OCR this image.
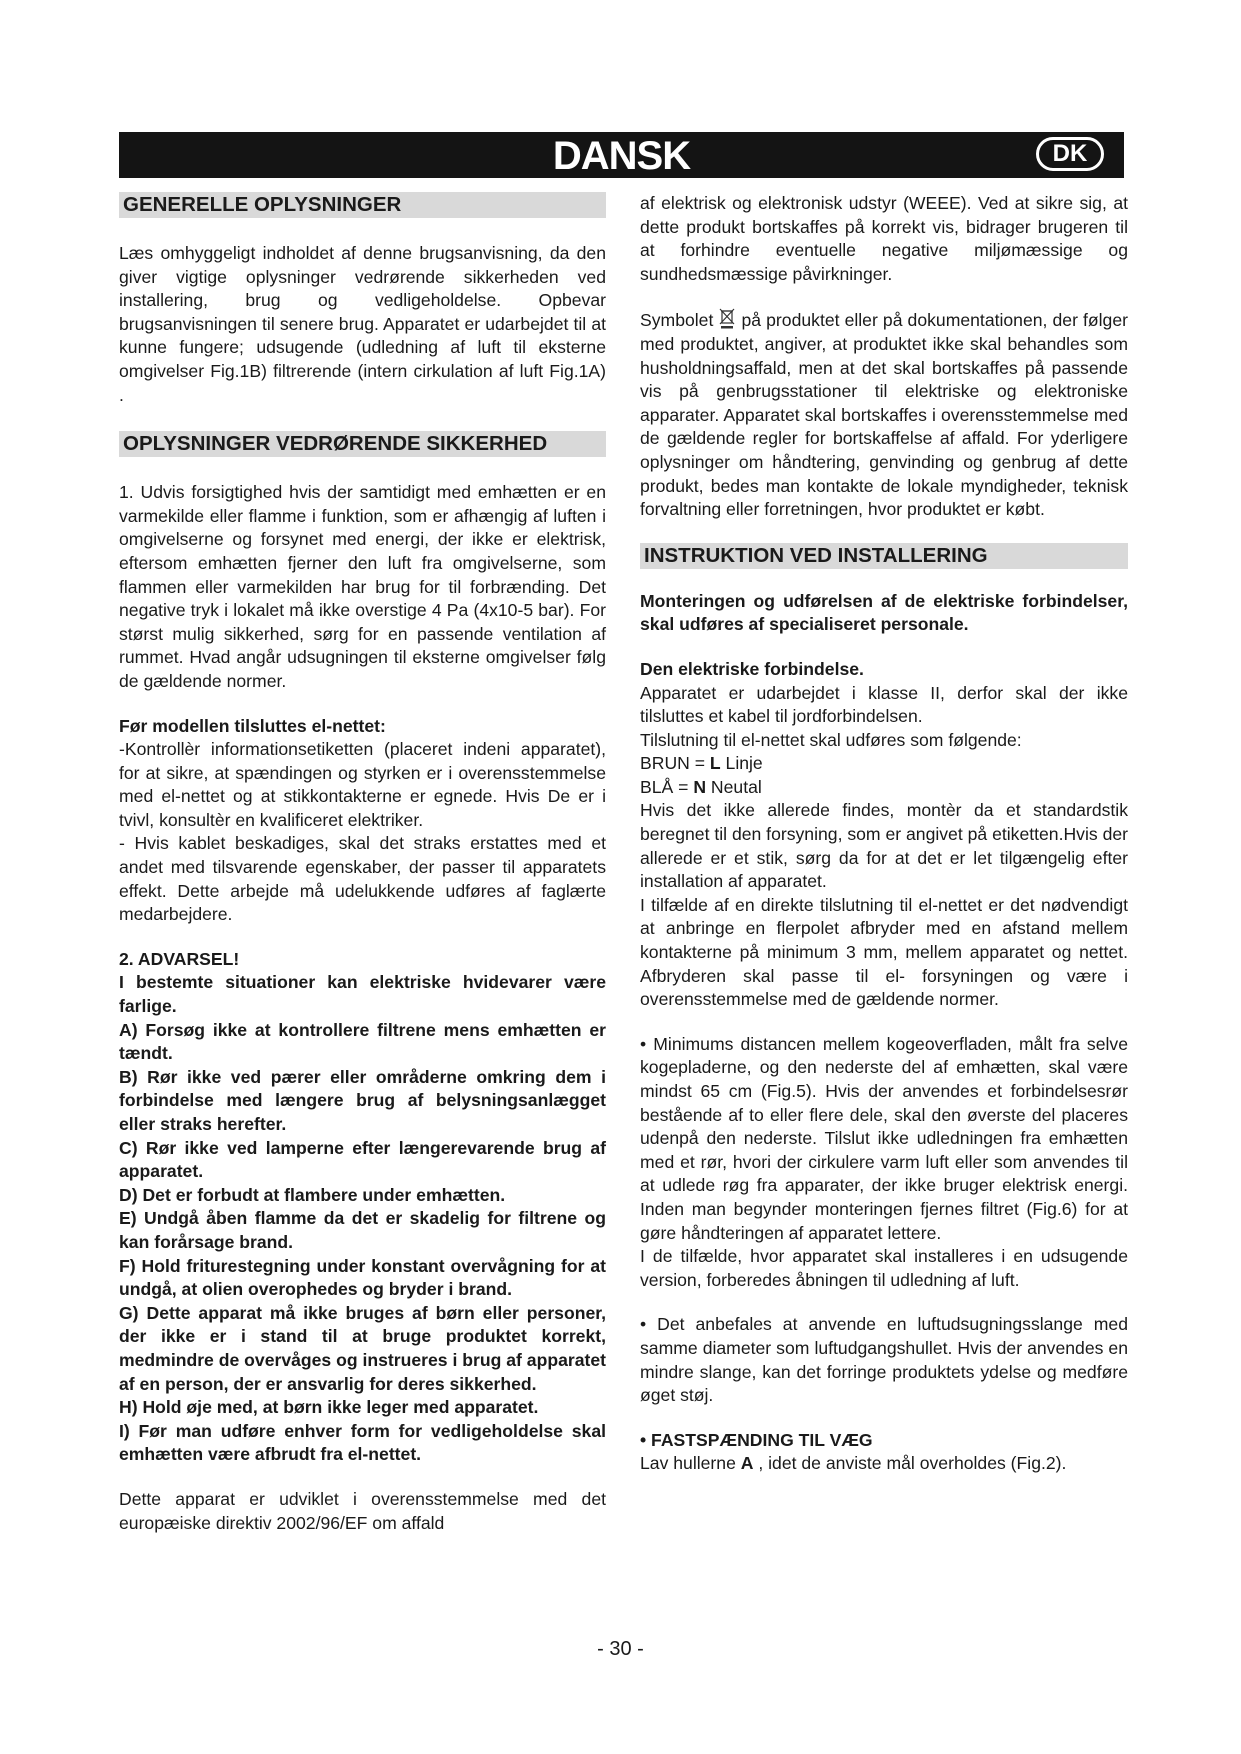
DANSK	DK
GENERELLE OPLYSNINGER

Læs omhyggeligt indholdet af denne brugsanvisning, da den giver vigtige oplysninger vedrørende sikkerheden ved installering, brug og vedligeholdelse. Opbevar brugsanvisningen til senere brug. Apparatet er udarbejdet til at kunne fungere; udsugende (udledning af luft til eksterne omgivelser Fig.1B) filtrerende (intern cirkulation af luft Fig.1A) .

OPLYSNINGER VEDRØRENDE SIKKERHED

1. Udvis forsigtighed hvis der samtidigt med emhætten er en varmekilde eller flamme i funktion, som er afhængig af luften i omgivelserne og forsynet med energi, der ikke er elektrisk, eftersom emhætten fjerner den luft fra omgivelserne, som flammen eller varmekilden har brug for til forbrænding. Det negative tryk i lokalet må ikke overstige 4 Pa (4x10-5 bar). For størst mulig sikkerhed, sørg for en passende ventilation af rummet. Hvad angår udsugningen til eksterne omgivelser følg de gældende normer.

Før modellen tilsluttes el-nettet:

-Kontrollèr informationsetiketten (placeret indeni apparatet), for at sikre, at spændingen og styrken er i overensstemmelse med el-nettet og at stikkontakterne er egnede. Hvis De er i tvivl, konsultèr en kvalificeret elektriker.

- Hvis kablet beskadiges, skal det straks erstattes med et andet med tilsvarende egenskaber, der passer til apparatets effekt. Dette arbejde må udelukkende udføres af faglærte medarbejdere.

2. ADVARSEL!

I bestemte situationer kan elektriske hvidevarer være farlige.

A) Forsøg ikke at kontrollere filtrene mens emhætten er tændt.

B) Rør ikke ved pærer eller områderne omkring dem i forbindelse med længere brug af belysningsanlægget eller straks herefter.

C) Rør ikke ved lamperne efter længerevarende brug af apparatet.

D) Det er forbudt at flambere under emhætten.

E) Undgå åben flamme da det er skadelig for filtrene og kan forårsage brand.

F) Hold friturestegning under konstant overvågning for at undgå, at olien overophedes og bryder i brand.

G) Dette apparat må ikke bruges af børn eller personer, der ikke er i stand til at bruge produktet korrekt, medmindre de overvåges og instrueres i brug af apparatet af en person, der er ansvarlig for deres sikkerhed.

H) Hold øje med, at børn ikke leger med apparatet.

I) Før man udføre enhver form for vedligeholdelse skal emhætten være afbrudt fra el-nettet.

Dette apparat er udviklet i overensstemmelse med det europæiske direktiv 2002/96/EF om affald

af elektrisk og elektronisk udstyr (WEEE). Ved at sikre sig, at dette produkt bortskaffes på korrekt vis, bidrager brugeren til at forhindre eventuelle negative miljømæssige og sundhedsmæssige påvirkninger.

Symbolet på produktet eller på dokumentationen, der følger med produktet, angiver, at produktet ikke skal behandles som husholdningsaffald, men at det skal bortskaffes på passende vis på genbrugsstationer til elektriske og elektroniske apparater. Apparatet skal bortskaffes i overensstemmelse med de gældende regler for bortskaffelse af affald. For yderligere oplysninger om håndtering, genvinding og genbrug af dette produkt, bedes man kontakte de lokale myndigheder, teknisk forvaltning eller forretningen, hvor produktet er købt.

INSTRUKTION VED INSTALLERING

Monteringen og udførelsen af de elektriske forbindelser, skal udføres af specialiseret personale.

Den elektriske forbindelse.

Apparatet er udarbejdet i klasse II, derfor skal der ikke tilsluttes et kabel til jordforbindelsen.

Tilslutning til el-nettet skal udføres som følgende:

BRUN = L Linje

BLÅ = N Neutal

Hvis det ikke allerede findes, montèr da et standardstik beregnet til den forsyning, som er angivet på etiketten.Hvis der allerede er et stik, sørg da for at det er let tilgængelig efter installation af apparatet.

I tilfælde af en direkte tilslutning til el-nettet er det nødvendigt at anbringe en flerpolet afbryder med en afstand mellem kontakterne på minimum 3 mm, mellem apparatet og nettet. Afbryderen skal passe til el- forsyningen og være i overensstemmelse med de gældende normer.

• Minimums distancen mellem kogeoverfladen, målt fra selve kogepladerne, og den nederste del af emhætten, skal være mindst 65 cm (Fig.5). Hvis der anvendes et forbindelsesrør bestående af to eller flere dele, skal den øverste del placeres udenpå den nederste. Tilslut ikke udledningen fra emhætten med et rør, hvori der cirkulere varm luft eller som anvendes til at udlede røg fra apparater, der ikke bruger elektrisk energi. Inden man begynder monteringen fjernes filtret (Fig.6) for at gøre håndteringen af apparatet lettere.

I de tilfælde, hvor apparatet skal installeres i en udsugende version, forberedes åbningen til udledning af luft.

• Det anbefales at anvende en luftudsugningsslange med samme diameter som luftudgangshullet. Hvis der anvendes en mindre slange, kan det forringe produktets ydelse og medføre øget støj.

• FASTSPÆNDING TIL VÆG

Lav hullerne A , idet de anviste mål overholdes (Fig.2).

- 30 -
